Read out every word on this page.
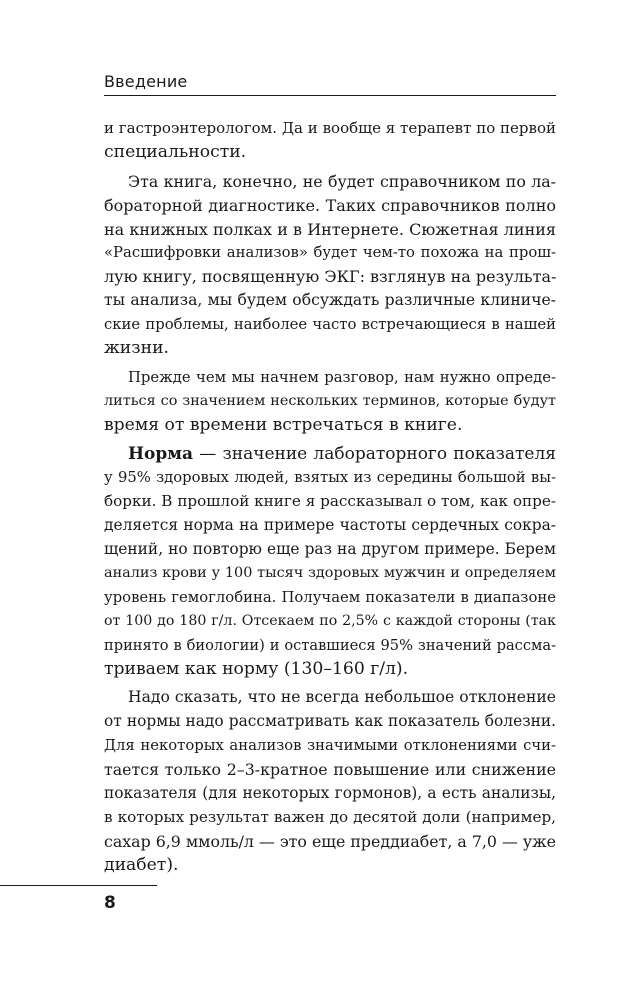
Введение
и гастроэнтерологом. Да и вообще я терапевт по первой
специальности.
Эта книга, конечно, не будет справочником по ла-
бораторной диагностике. Таких справочников полно
на книжных полках и в Интернете. Сюжетная линия
«Расшифровки анализов» будет чем-то похожа на прош-
лую книгу, посвященную ЭКГ: взглянув на результа-
ты анализа, мы будем обсуждать различные клиниче-
ские проблемы, наиболее часто встречающиеся в нашей
жизни.
Прежде чем мы начнем разговор, нам нужно опреде-
литься со значением нескольких терминов, которые будут
время от времени встречаться в книге.
Норма — значение лабораторного показателя
у 95% здоровых людей, взятых из середины большой вы-
борки. В прошлой книге я рассказывал о том, как опре-
деляется норма на примере частоты сердечных сокра-
щений, но повторю еще раз на другом примере. Берем
анализ крови у 100 тысяч здоровых мужчин и определяем
уровень гемоглобина. Получаем показатели в диапазоне
от 100 до 180 г/л. Отсекаем по 2,5% с каждой стороны (так
принято в биологии) и оставшиеся 95% значений рассма-
триваем как норму (130–160 г/л).
Надо сказать, что не всегда небольшое отклонение
от нормы надо рассматривать как показатель болезни.
Для некоторых анализов значимыми отклонениями счи-
тается только 2–3-кратное повышение или снижение
показателя (для некоторых гормонов), а есть анализы,
в которых результат важен до десятой доли (например,
сахар 6,9 ммоль/л — это еще преддиабет, а 7,0 — уже
диабет).
8
